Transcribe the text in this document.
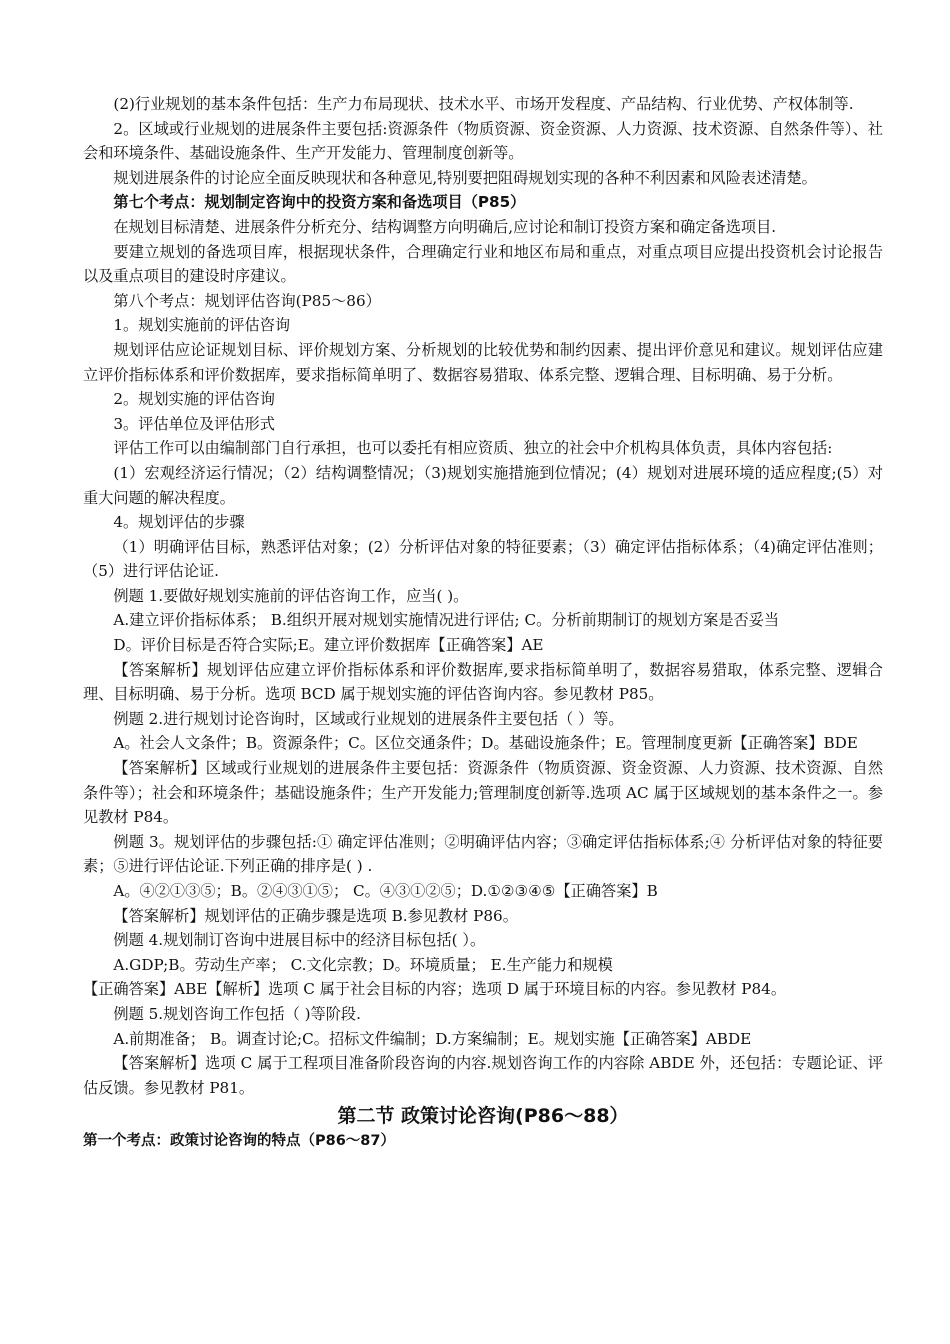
(2)行业规划的基本条件包括：生产力布局现状、技术水平、市场开发程度、产品结构、行业优势、产权体制等.

2。区域或行业规划的进展条件主要包括:资源条件（物质资源、资金资源、人力资源、技术资源、自然条件等）、社会和环境条件、基础设施条件、生产开发能力、管理制度创新等。

规划进展条件的讨论应全面反映现状和各种意见,特别要把阻碍规划实现的各种不利因素和风险表述清楚。

第七个考点：规划制定咨询中的投资方案和备选项目（P85）

在规划目标清楚、进展条件分析充分、结构调整方向明确后,应讨论和制订投资方案和确定备选项目.

要建立规划的备选项目库，根据现状条件，合理确定行业和地区布局和重点，对重点项目应提出投资机会讨论报告以及重点项目的建设时序建议。

第八个考点：规划评估咨询(P85～86）

1。规划实施前的评估咨询

规划评估应论证规划目标、评价规划方案、分析规划的比较优势和制约因素、提出评价意见和建议。规划评估应建立评价指标体系和评价数据库，要求指标简单明了、数据容易猎取、体系完整、逻辑合理、目标明确、易于分析。

2。规划实施的评估咨询

3。评估单位及评估形式

评估工作可以由编制部门自行承担，也可以委托有相应资质、独立的社会中介机构具体负责，具体内容包括:

(1）宏观经济运行情况；（2）结构调整情况；（3)规划实施措施到位情况；(4）规划对进展环境的适应程度;(5）对重大问题的解决程度。

4。规划评估的步骤

（1）明确评估目标，熟悉评估对象；(2）分析评估对象的特征要素；（3）确定评估指标体系；（4)确定评估准则；（5）进行评估论证.

例题 1.要做好规划实施前的评估咨询工作，应当( )。

A.建立评价指标体系； B.组织开展对规划实施情况进行评估; C。分析前期制订的规划方案是否妥当

D。评价目标是否符合实际;E。建立评价数据库【正确答案】AE

【答案解析】规划评估应建立评价指标体系和评价数据库,要求指标简单明了，数据容易猎取，体系完整、逻辑合理、目标明确、易于分析。选项 BCD 属于规划实施的评估咨询内容。参见教材 P85。

例题 2.进行规划讨论咨询时，区域或行业规划的进展条件主要包括（ ）等。

A。社会人文条件；B。资源条件；C。区位交通条件；D。基础设施条件；E。管理制度更新【正确答案】BDE

【答案解析】区域或行业规划的进展条件主要包括：资源条件（物质资源、资金资源、人力资源、技术资源、自然条件等）；社会和环境条件；基础设施条件；生产开发能力;管理制度创新等.选项 AC 属于区域规划的基本条件之一。参见教材 P84。

例题 3。规划评估的步骤包括:① 确定评估准则；②明确评估内容；③确定评估指标体系;④ 分析评估对象的特征要素；⑤进行评估论证.下列正确的排序是( ) .

A。④②①③⑤；B。②④③①⑤； C。④③①②⑤；D.①②③④⑤【正确答案】B

【答案解析】规划评估的正确步骤是选项 B.参见教材 P86。

例题 4.规划制订咨询中进展目标中的经济目标包括( ）。

A.GDP;B。劳动生产率； C.文化宗教；D。环境质量； E.生产能力和规模

【正确答案】ABE【解析】选项 C 属于社会目标的内容；选项 D 属于环境目标的内容。参见教材 P84。

例题 5.规划咨询工作包括（ )等阶段.

A.前期准备； B。调查讨论;C。招标文件编制；D.方案编制；E。规划实施【正确答案】ABDE

【答案解析】选项 C 属于工程项目准备阶段咨询的内容.规划咨询工作的内容除 ABDE 外，还包括：专题论证、评估反馈。参见教材 P81。

第二节 政策讨论咨询(P86～88）
第一个考点：政策讨论咨询的特点（P86～87）
